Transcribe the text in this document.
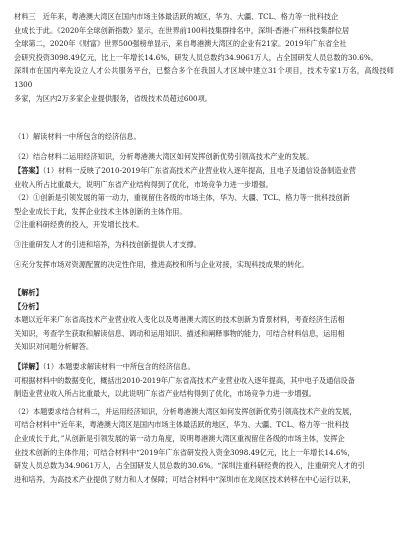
材料三　近年来，粤港澳大湾区在国内市场主体最活跃的城区，华为、大疆、TCL、格力等一批科技企

业成长于此。《2020年全球创新指数》显示，在世界前100科技集群排名中，深圳-香港-广州科技集群位居

全球第二，2020年《财富》世界500强榜单显示，来自粤港澳大湾区的企业有21家。2019年广东省全社

会研究投资3098.49亿元，比上一年增长14.6%，研发人员总数约34.9061万人，占全国研发人员总数的30.6%。

深圳市在国内率先设立人才公共服务平台，已整合多个在我国人才区域中建立31个项目，技术专家1万名，高级技师1300

多家，为区内2万多家企业提供服务，省级技术员超过600项。

（1）解读材料一中所包含的经济信息。

（2）结合材料二运用经济知识，分析粤港澳大湾区如何发挥创新优势引领高技术产业的发展。

【答案】（1）材料一反映了2010-2019年广东省高技术产业营业收入逐年提高，且电子及通信设备制造业营

业收入所占比重最大，说明广东省产业结构得到了优化，市场竞争力进一步增强。

（2）①创新是引领发展的第一动力，重视留住各级的市场主体，华为、大疆、TCL、格力等一批科技创新

型企业成长于此，发挥企业技术主体创新的主体作用。

②注重科研经费的投入，开发增长技术。

③注重研发人才的引进和培养，为科技创新提供人才支撑。

④充分发挥市场对资源配置的决定性作用，推进高校和所与企业对接，实现科技成果的转化。

【解析】

【分析】

本题以近年来广东省高技术产业营业收入变化以及粤港澳大湾区的技术创新为背景材料，考查经济生活相

关知识，考查学生获取和解读信息、调动和运用知识、描述和阐释事物的能力，可结合材料信息，运用相

关知识对问题分析解答。

【详解】（1）本题要求解读材料一中所包含的经济信息。

可根据材料中的数据变化，概括出2010-2019年广东省高技术产业营业收入逐年提高，其中电子及通信设备

制造业营业收入所占比重最大，以此说明广东省产业结构得到了优化，市场竞争力进一步增强。

（2）本题要求结合材料二，并运用经济知识，分析粤港澳大湾区如何发挥创新优势引领高技术产业的发展，

可结合材料中“近年来，粤港澳大湾区是国内市场主体最活跃的地区，华为、大疆、TCL、格力等一批科技

企业成长于此，”从创新是引领发展的第一动力角度，说明粤港澳大湾区重视留住各级的市场主体，发挥企

业技术创新的主体作用；可结合材料中“2019年广东省研发投入资金3098.49亿元，比上一年增长14.6%，

研发人员总数为34.9061万人，占全国研发人员总数的30.6%。“深圳注重科研经费的投入，注重研究人才的引

进和培养，为高技术产业提供了财力和人才保障；可结合材料中“深圳市在龙岗区技术转移在中心运行以来，
